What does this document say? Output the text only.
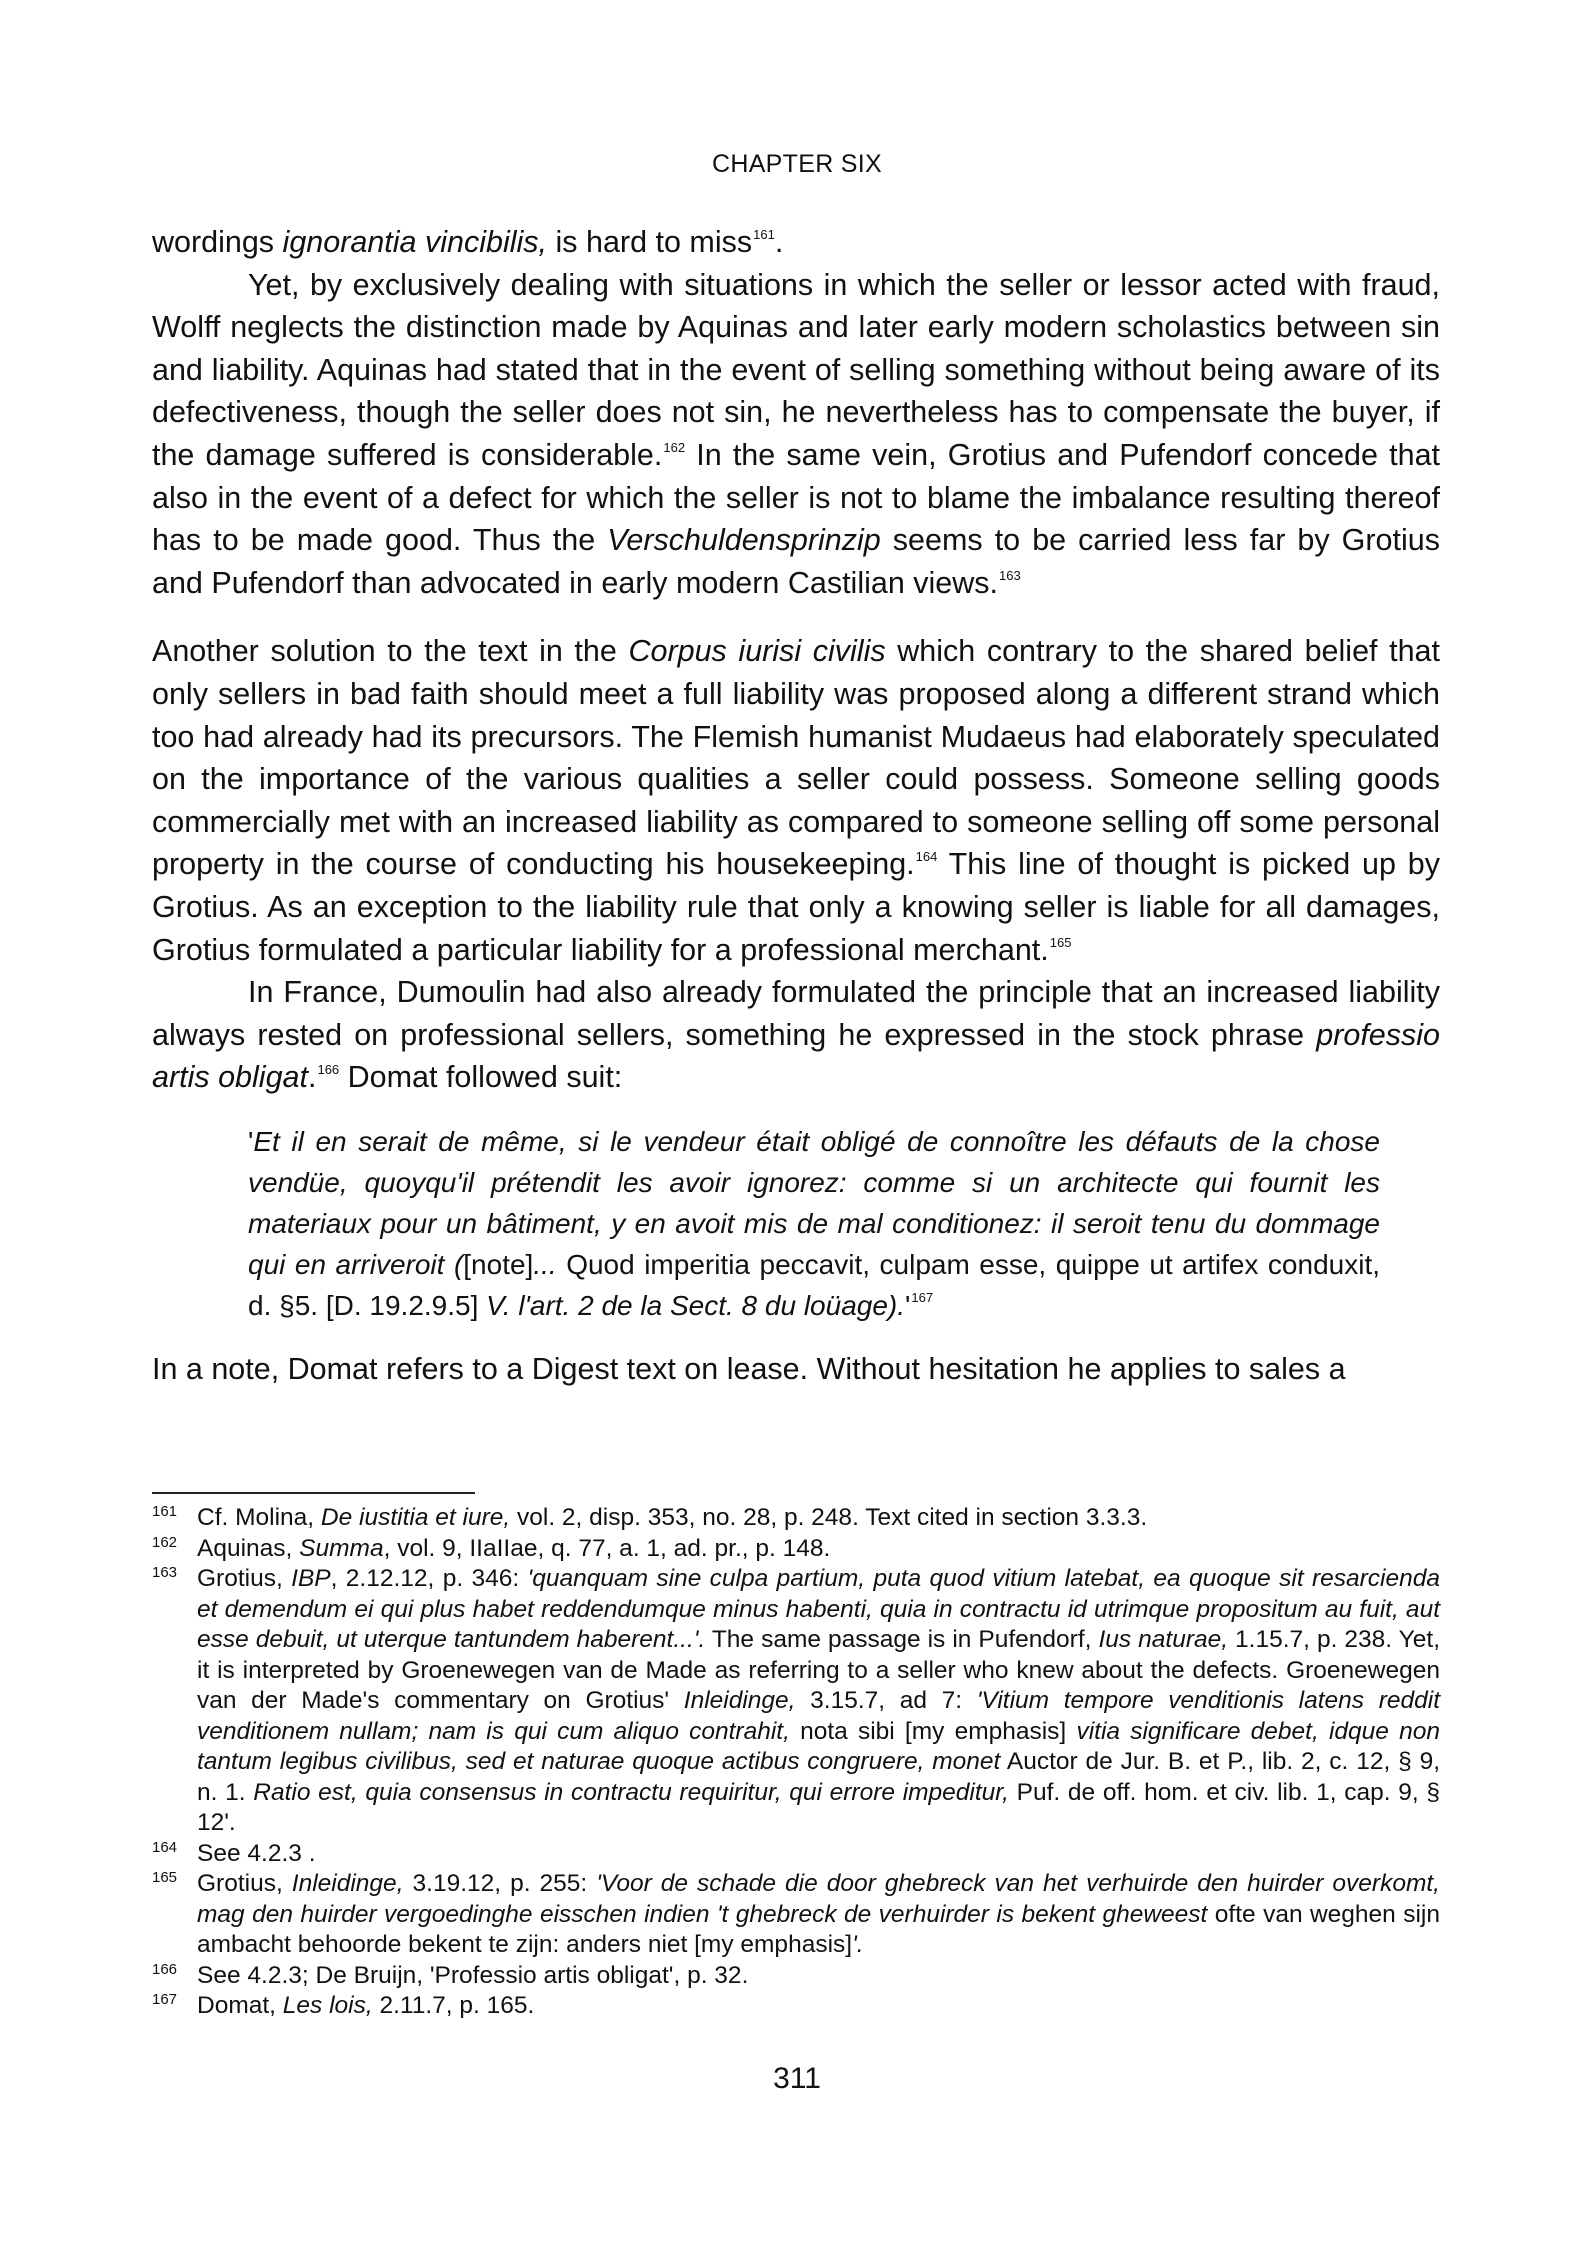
CHAPTER SIX

wordings ignorantia vincibilis, is hard to miss$^{161}$.

Yet, by exclusively dealing with situations in which the seller or lessor acted with fraud, Wolff neglects the distinction made by Aquinas and later early modern scholastics between sin and liability. Aquinas had stated that in the event of selling something without being aware of its defectiveness, though the seller does not sin, he nevertheless has to compensate the buyer, if the damage suffered is considerable.$^{162}$ In the same vein, Grotius and Pufendorf concede that also in the event of a defect for which the seller is not to blame the imbalance resulting thereof has to be made good. Thus the Verschuldensprinzip seems to be carried less far by Grotius and Pufendorf than advocated in early modern Castilian views.$^{163}$

Another solution to the text in the Corpus iurisi civilis which contrary to the shared belief that only sellers in bad faith should meet a full liability was proposed along a different strand which too had already had its precursors. The Flemish humanist Mudaeus had elaborately speculated on the importance of the various qualities a seller could possess. Someone selling goods commercially met with an increased liability as compared to someone selling off some personal property in the course of conducting his housekeeping.$^{164}$ This line of thought is picked up by Grotius. As an exception to the liability rule that only a knowing seller is liable for all damages, Grotius formulated a particular liability for a professional merchant.$^{165}$

In France, Dumoulin had also already formulated the principle that an increased liability always rested on professional sellers, something he expressed in the stock phrase professio artis obligat.$^{166}$ Domat followed suit:

'Et il en serait de même, si le vendeur était obligé de connoître les défauts de la chose vendüe, quoyqu'il prétendit les avoir ignorez: comme si un architecte qui fournit les materiaux pour un bâtiment, y en avoit mis de mal conditionez: il seroit tenu du dommage qui en arriveroit ([note]... Quod imperitia peccavit, culpam esse, quippe ut artifex conduxit, d. §5. [D. 19.2.9.5] V. l'art. 2 de la Sect. 8 du loüage).'$^{167}$

In a note, Domat refers to a Digest text on lease. Without hesitation he applies to sales a

161 Cf. Molina, De iustitia et iure, vol. 2, disp. 353, no. 28, p. 248. Text cited in section 3.3.3.
162 Aquinas, Summa, vol. 9, IIaIIae, q. 77, a. 1, ad. pr., p. 148.
163 Grotius, IBP, 2.12.12, p. 346: 'quanquam sine culpa partium, puta quod vitium latebat, ea quoque sit resarcienda et demendum ei qui plus habet reddendumque minus habenti, quia in contractu id utrimque propositum au fuit, aut esse debuit, ut uterque tantundem haberent...'. The same passage is in Pufendorf, Ius naturae, 1.15.7, p. 238. Yet, it is interpreted by Groenewegen van de Made as referring to a seller who knew about the defects. Groenewegen van der Made's commentary on Grotius' Inleidinge, 3.15.7, ad 7: 'Vitium tempore venditionis latens reddit venditionem nullam; nam is qui cum aliquo contrahit, nota sibi [my emphasis] vitia significare debet, idque non tantum legibus civilibus, sed et naturae quoque actibus congruere, monet Auctor de Jur. B. et P., lib. 2, c. 12, § 9, n. 1. Ratio est, quia consensus in contractu requiritur, qui errore impeditur, Puf. de off. hom. et civ. lib. 1, cap. 9, § 12'.
164 See 4.2.3 .
165 Grotius, Inleidinge, 3.19.12, p. 255: 'Voor de schade die door ghebreck van het verhuirde den huirder overkomt, mag den huirder vergoedinghe eisschen indien 't ghebreck de verhuirder is bekent gheweest ofte van weghen sijn ambacht behoorde bekent te zijn: anders niet [my emphasis]'.
166 See 4.2.3; De Bruijn, 'Professio artis obligat', p. 32.
167 Domat, Les lois, 2.11.7, p. 165.
311
